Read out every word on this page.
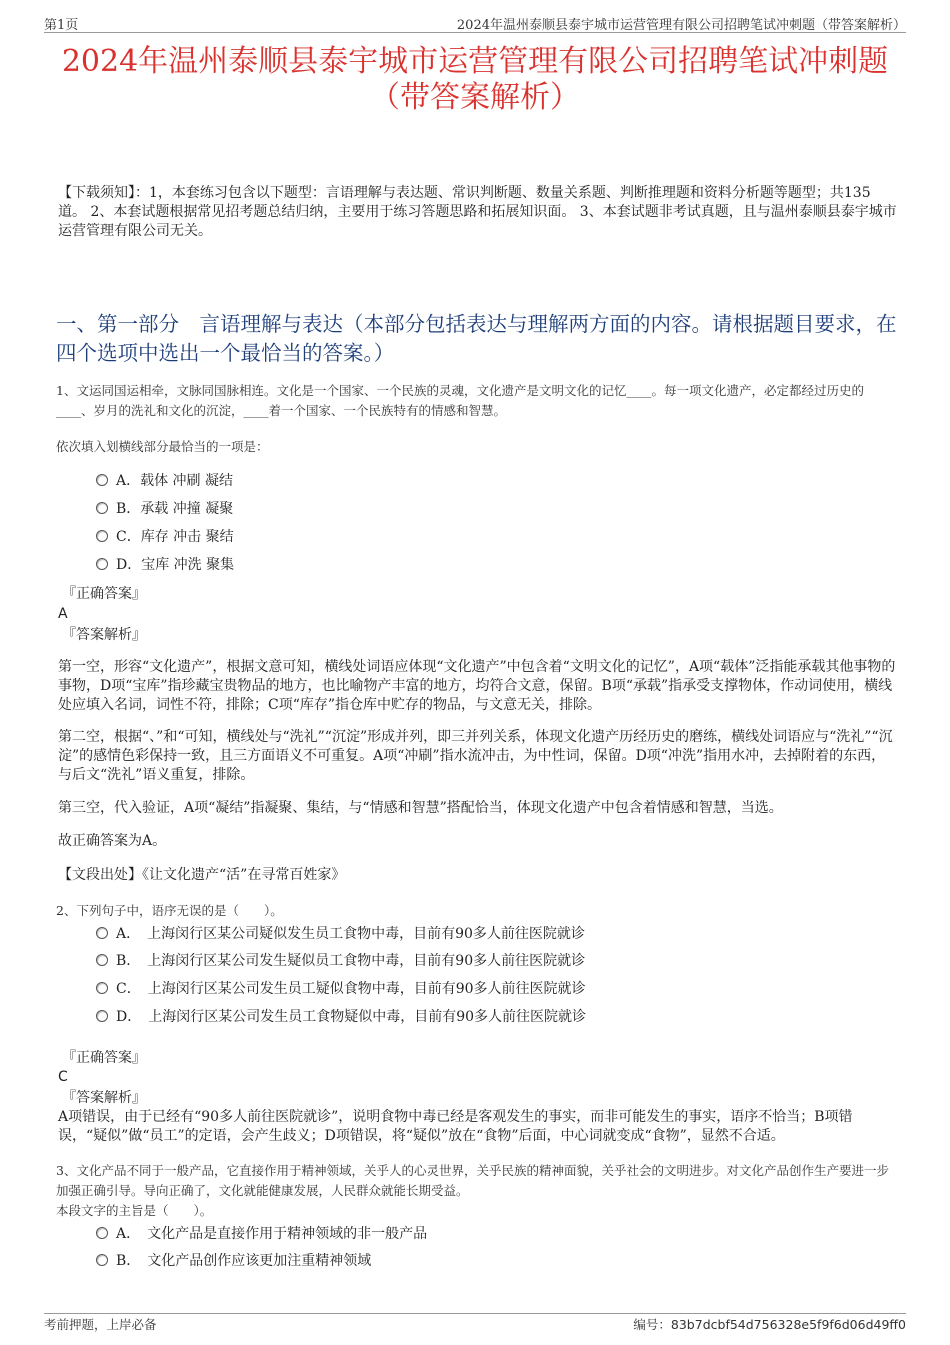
第1页	2024年温州泰顺县泰宇城市运营管理有限公司招聘笔试冲刺题（带答案解析）
2024年温州泰顺县泰宇城市运营管理有限公司招聘笔试冲刺题
（带答案解析）
【下载须知】：1，本套练习包含以下题型：言语理解与表达题、常识判断题、数量关系题、判断推理题和资料分析题等题型；共135道。 2、本套试题根据常见招考题总结归纳，主要用于练习答题思路和拓展知识面。 3、本套试题非考试真题，且与温州泰顺县泰宇城市运营管理有限公司无关。
一、第一部分　言语理解与表达（本部分包括表达与理解两方面的内容。请根据题目要求，在四个选项中选出一个最恰当的答案。）
1、文运同国运相牵，文脉同国脉相连。文化是一个国家、一个民族的灵魂，文化遗产是文明文化的记忆____。每一项文化遗产，必定都经过历史的____、岁月的洗礼和文化的沉淀，____着一个国家、一个民族特有的情感和智慧。
依次填入划横线部分最恰当的一项是：
A．载体 冲刷 凝结
B．承载 冲撞 凝聚
C．库存 冲击 聚结
D．宝库 冲洗 聚集
『正确答案』
A
『答案解析』
第一空，形容“文化遗产”，根据文意可知，横线处词语应体现“文化遗产”中包含着“文明文化的记忆”，A项“载体”泛指能承载其他事物的事物，D项“宝库”指珍藏宝贵物品的地方，也比喻物产丰富的地方，均符合文意，保留。B项“承载”指承受支撑物体，作动词使用，横线处应填入名词，词性不符，排除；C项“库存”指仓库中贮存的物品，与文意无关，排除。
第二空，根据“、”和“可知，横线处与“洗礼”“沉淀”形成并列，即三并列关系，体现文化遗产历经历史的磨练，横线处词语应与“洗礼”“沉淀”的感情色彩保持一致，且三方面语义不可重复。A项“冲刷”指水流冲击，为中性词，保留。D项“冲洗”指用水冲，去掉附着的东西，与后文“洗礼”语义重复，排除。
第三空，代入验证，A项“凝结”指凝聚、集结，与“情感和智慧”搭配恰当，体现文化遗产中包含着情感和智慧，当选。
故正确答案为A。
【文段出处】《让文化遗产“活”在寻常百姓家》
2、下列句子中，语序无误的是（　　）。
A．　上海闵行区某公司疑似发生员工食物中毒，目前有90多人前往医院就诊
B．　上海闵行区某公司发生疑似员工食物中毒，目前有90多人前往医院就诊
C．　上海闵行区某公司发生员工疑似食物中毒，目前有90多人前往医院就诊
D．　上海闵行区某公司发生员工食物疑似中毒，目前有90多人前往医院就诊
『正确答案』
C
『答案解析』
A项错误，由于已经有“90多人前往医院就诊”，说明食物中毒已经是客观发生的事实，而非可能发生的事实，语序不恰当；B项错误，“疑似”做“员工”的定语，会产生歧义；D项错误，将“疑似”放在“食物”后面，中心词就变成“食物”，显然不合适。
3、文化产品不同于一般产品，它直接作用于精神领域，关乎人的心灵世界，关乎民族的精神面貌，关乎社会的文明进步。对文化产品创作生产要进一步加强正确引导。导向正确了，文化就能健康发展，人民群众就能长期受益。
本段文字的主旨是（　　）。
A．　文化产品是直接作用于精神领域的非一般产品
B．　文化产品创作应该更加注重精神领域
考前押题，上岸必备	编号：83b7dcbf54d756328e5f9f6d06d49ff0
